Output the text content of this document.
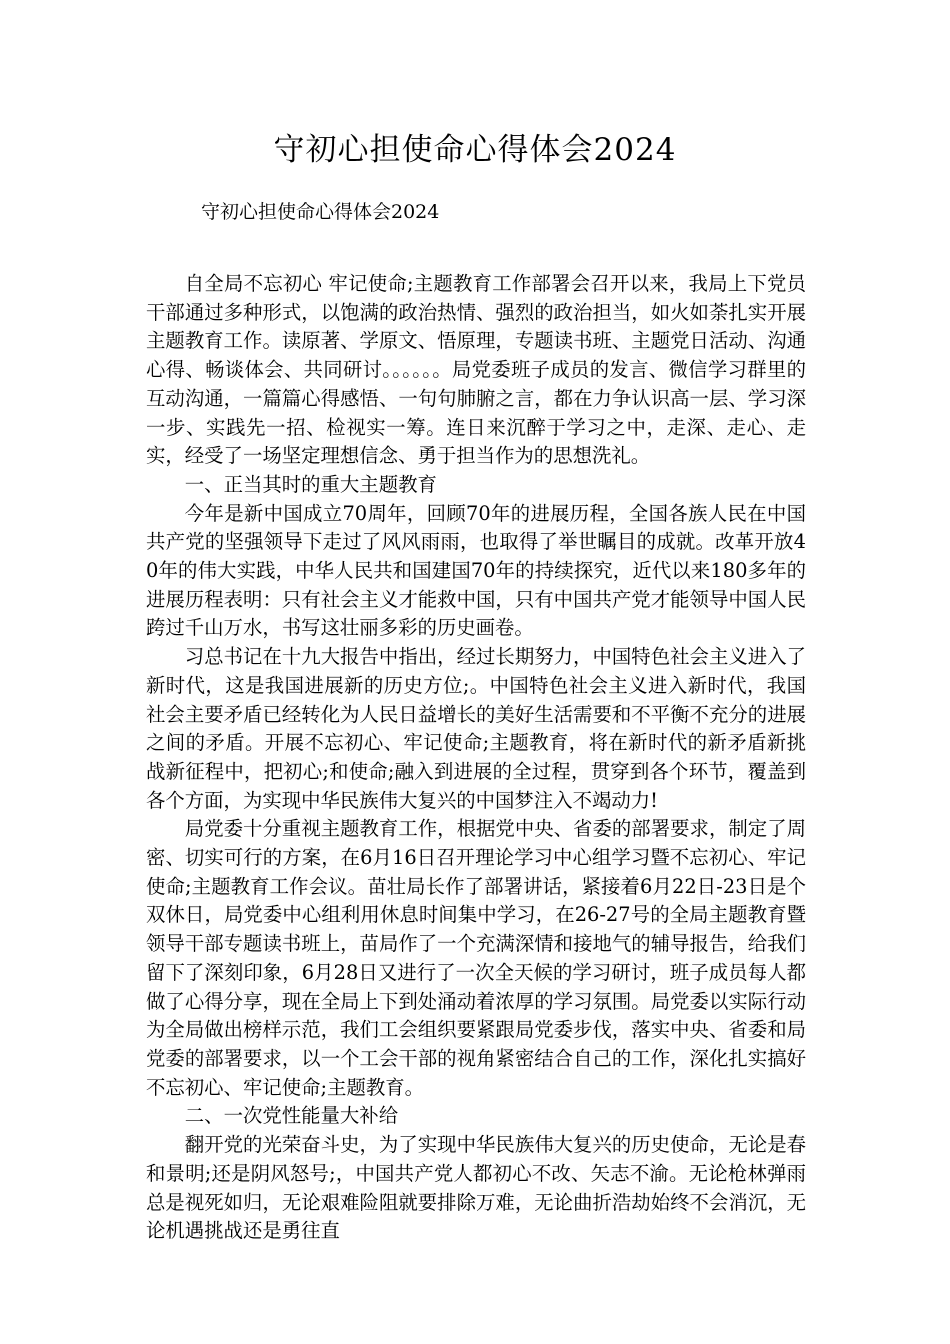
守初心担使命心得体会2024

守初心担使命心得体会2024

自全局不忘初心 牢记使命;主题教育工作部署会召开以来，我局上下党员干部通过多种形式，以饱满的政治热情、强烈的政治担当，如火如荼扎实开展主题教育工作。读原著、学原文、悟原理，专题读书班、主题党日活动、沟通心得、畅谈体会、共同研讨。。。。。。局党委班子成员的发言、微信学习群里的互动沟通，一篇篇心得感悟、一句句肺腑之言，都在力争认识高一层、学习深一步、实践先一招、检视实一筹。连日来沉醉于学习之中，走深、走心、走实，经受了一场坚定理想信念、勇于担当作为的思想洗礼。

一、正当其时的重大主题教育

今年是新中国成立70周年，回顾70年的进展历程，全国各族人民在中国共产党的坚强领导下走过了风风雨雨，也取得了举世瞩目的成就。改革开放40年的伟大实践，中华人民共和国建国70年的持续探究，近代以来180多年的进展历程表明：只有社会主义才能救中国，只有中国共产党才能领导中国人民跨过千山万水，书写这壮丽多彩的历史画卷。

习总书记在十九大报告中指出，经过长期努力，中国特色社会主义进入了新时代，这是我国进展新的历史方位;。中国特色社会主义进入新时代，我国社会主要矛盾已经转化为人民日益增长的美好生活需要和不平衡不充分的进展之间的矛盾。开展不忘初心、牢记使命;主题教育，将在新时代的新矛盾新挑战新征程中，把初心;和使命;融入到进展的全过程，贯穿到各个环节，覆盖到各个方面，为实现中华民族伟大复兴的中国梦注入不竭动力!

局党委十分重视主题教育工作，根据党中央、省委的部署要求，制定了周密、切实可行的方案，在6月16日召开理论学习中心组学习暨不忘初心、牢记使命;主题教育工作会议。苗壮局长作了部署讲话，紧接着6月22日-23日是个双休日，局党委中心组利用休息时间集中学习，在26-27号的全局主题教育暨领导干部专题读书班上，苗局作了一个充满深情和接地气的辅导报告，给我们留下了深刻印象，6月28日又进行了一次全天候的学习研讨，班子成员每人都做了心得分享，现在全局上下到处涌动着浓厚的学习氛围。局党委以实际行动为全局做出榜样示范，我们工会组织要紧跟局党委步伐，落实中央、省委和局党委的部署要求，以一个工会干部的视角紧密结合自己的工作，深化扎实搞好不忘初心、牢记使命;主题教育。

二、一次党性能量大补给

翻开党的光荣奋斗史，为了实现中华民族伟大复兴的历史使命，无论是春和景明;还是阴风怒号;，中国共产党人都初心不改、矢志不渝。无论枪林弹雨总是视死如归，无论艰难险阻就要排除万难，无论曲折浩劫始终不会消沉，无论机遇挑战还是勇往直
